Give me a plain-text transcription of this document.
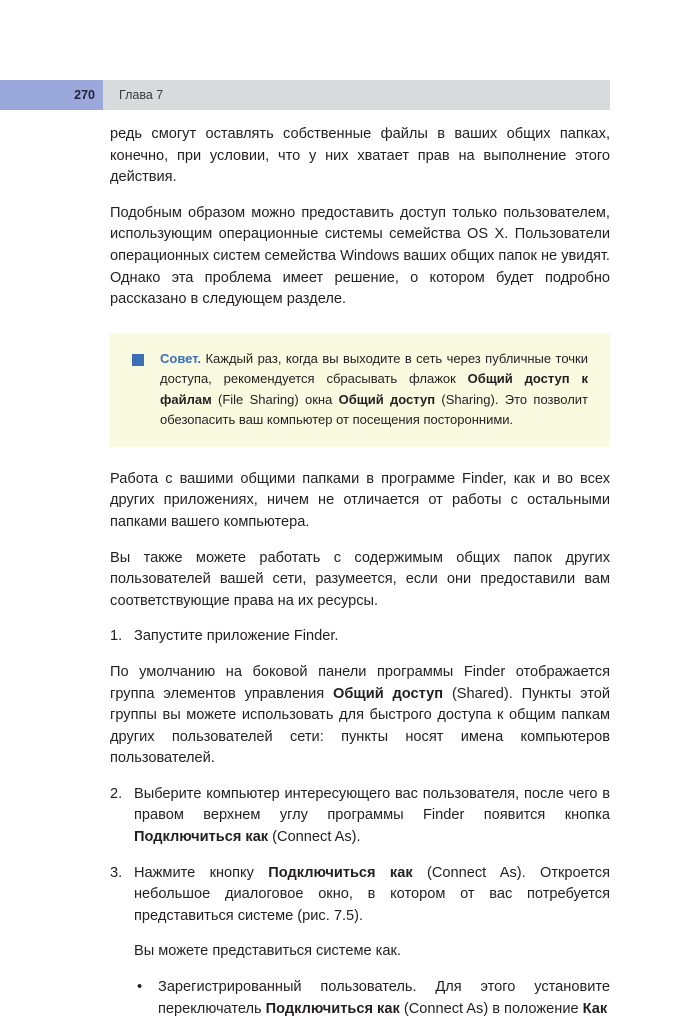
270 Глава 7

редь смогут оставлять собственные файлы в ваших общих папках, конечно, при условии, что у них хватает прав на выполнение этого действия.

Подобным образом можно предоставить доступ только пользователем, использующим операционные системы семейства OS X. Пользователи операционных систем семейства Windows ваших общих папок не увидят. Однако эта проблема имеет решение, о котором будет подробно рассказано в следующем разделе.

Совет. Каждый раз, когда вы выходите в сеть через публичные точки доступа, рекомендуется сбрасывать флажок Общий доступ к файлам (File Sharing) окна Общий доступ (Sharing). Это позволит обезопасить ваш компьютер от посещения посторонними.

Работа с вашими общими папками в программе Finder, как и во всех других приложениях, ничем не отличается от работы с остальными папками вашего компьютера.

Вы также можете работать с содержимым общих папок других пользователей вашей сети, разумеется, если они предоставили вам соответствующие права на их ресурсы.

1. Запустите приложение Finder.

По умолчанию на боковой панели программы Finder отображается группа элементов управления Общий доступ (Shared). Пункты этой группы вы можете использовать для быстрого доступа к общим папкам других пользователей сети: пункты носят имена компьютеров пользователей.

2. Выберите компьютер интересующего вас пользователя, после чего в правом верхнем углу программы Finder появится кнопка Подключиться как (Connect As).

3. Нажмите кнопку Подключиться как (Connect As). Откроется небольшое диалоговое окно, в котором от вас потребуется представиться системе (рис. 7.5).

Вы можете представиться системе как.

• Зарегистрированный пользователь. Для этого установите переключатель Подключиться как (Connect As) в положение Как
